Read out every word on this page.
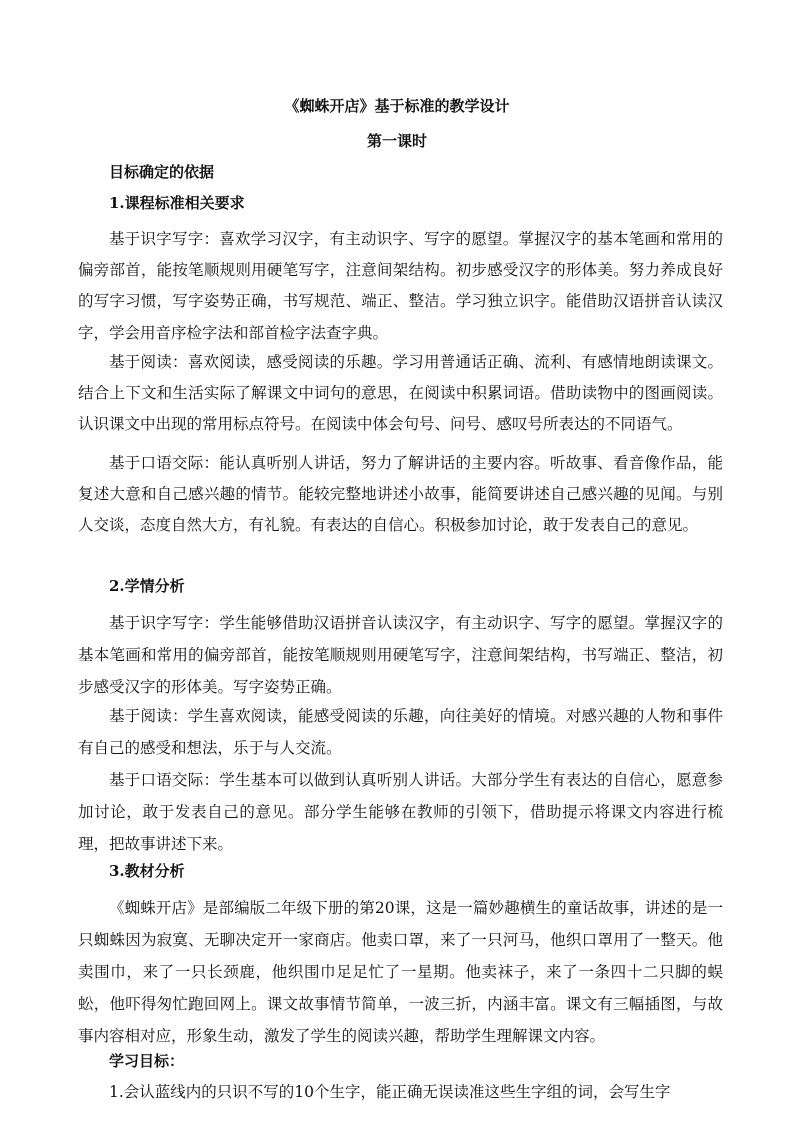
《蜘蛛开店》基于标准的教学设计
第一课时
目标确定的依据
1.课程标准相关要求
基于识字写字：喜欢学习汉字，有主动识字、写字的愿望。掌握汉字的基本笔画和常用的偏旁部首，能按笔顺规则用硬笔写字，注意间架结构。初步感受汉字的形体美。努力养成良好的写字习惯，写字姿势正确，书写规范、端正、整洁。学习独立识字。能借助汉语拼音认读汉字，学会用音序检字法和部首检字法查字典。
基于阅读：喜欢阅读，感受阅读的乐趣。学习用普通话正确、流利、有感情地朗读课文。结合上下文和生活实际了解课文中词句的意思，在阅读中积累词语。借助读物中的图画阅读。认识课文中出现的常用标点符号。在阅读中体会句号、问号、感叹号所表达的不同语气。
基于口语交际：能认真听别人讲话，努力了解讲话的主要内容。听故事、看音像作品，能复述大意和自己感兴趣的情节。能较完整地讲述小故事，能简要讲述自己感兴趣的见闻。与别人交谈，态度自然大方，有礼貌。有表达的自信心。积极参加讨论，敢于发表自己的意见。
2.学情分析
基于识字写字：学生能够借助汉语拼音认读汉字，有主动识字、写字的愿望。掌握汉字的基本笔画和常用的偏旁部首，能按笔顺规则用硬笔写字，注意间架结构，书写端正、整洁，初步感受汉字的形体美。写字姿势正确。
基于阅读：学生喜欢阅读，能感受阅读的乐趣，向往美好的情境。对感兴趣的人物和事件有自己的感受和想法，乐于与人交流。
基于口语交际：学生基本可以做到认真听别人讲话。大部分学生有表达的自信心，愿意参加讨论，敢于发表自己的意见。部分学生能够在教师的引领下，借助提示将课文内容进行梳理，把故事讲述下来。
3.教材分析
《蜘蛛开店》是部编版二年级下册的第20课，这是一篇妙趣横生的童话故事，讲述的是一只蜘蛛因为寂寞、无聊决定开一家商店。他卖口罩，来了一只河马，他织口罩用了一整天。他卖围巾，来了一只长颈鹿，他织围巾足足忙了一星期。他卖袜子，来了一条四十二只脚的蜈蚣，他吓得匆忙跑回网上。课文故事情节简单，一波三折，内涵丰富。课文有三幅插图，与故事内容相对应，形象生动，激发了学生的阅读兴趣，帮助学生理解课文内容。
学习目标：
1.会认蓝线内的只识不写的10个生字，能正确无误读准这些生字组的词，会写生字
